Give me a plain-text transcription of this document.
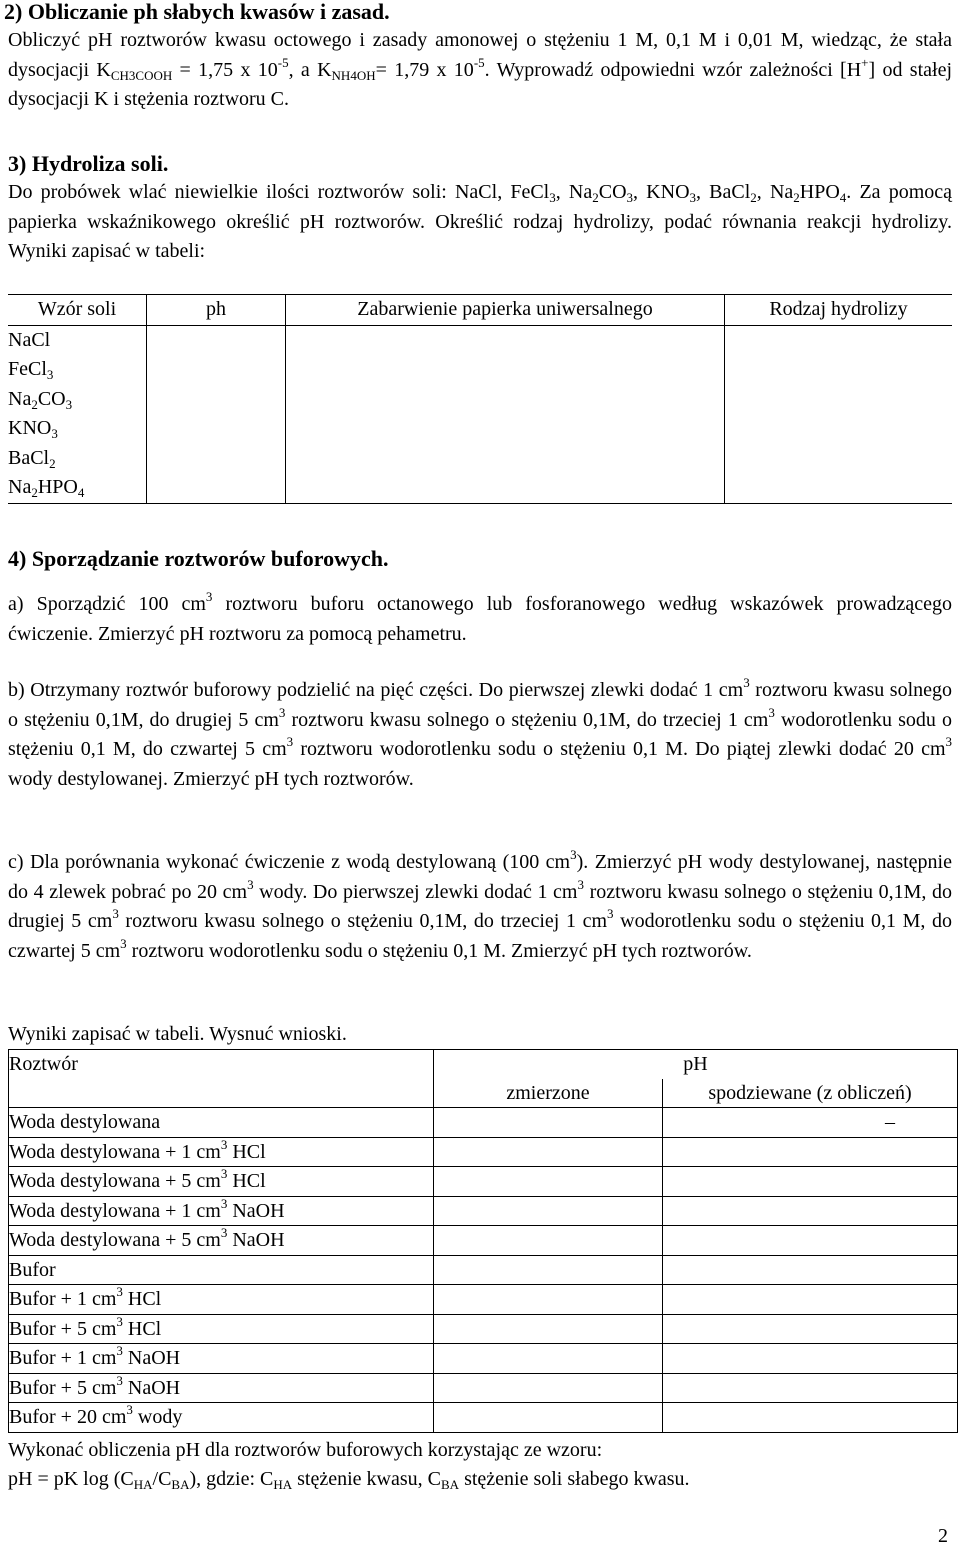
2) Obliczanie ph słabych kwasów i zasad.

Obliczyć pH roztworów kwasu octowego i zasady amonowej o stężeniu 1 M, 0,1 M i 0,01 M, wiedząc, że stała dysocjacji $K_{CH3COOH} = 1,75$ x $10^{-5}$, a $K_{NH4OH}= 1,79$ x $10^{-5}$. Wyprowadź odpowiedni wzór zależności [H+] od stałej dysocjacji K i stężenia roztworu C.

3) Hydroliza soli.

Do probówek wlać niewielkie ilości roztworów soli: NaCl, FeCl$_3$, $Na_2CO_3$, $KNO_3$, BaCl$_2$, $Na_2HPO_4$. Za pomocą papierka wskaźnikowego określić pH roztworów. Określić rodzaj hydrolizy, podać równania reakcji hydrolizy. Wyniki zapisać w tabeli:

Wzór soli	ph	Zabarwienie papierka uniwersalnego	Rodzaj hydrolizy
NaCl			
FeCl$_3$			
$Na_2CO_3$			
$KNO_3$			
BaCl$_2$			
$Na_2HPO_4$			
4) Sporządzanie roztworów buforowych.

a) Sporządzić 100 $cm^3$ roztworu buforu octanowego lub fosforanowego według wskazówek prowadzącego ćwiczenie. Zmierzyć pH roztworu za pomocą pehametru.

b) Otrzymany roztwór buforowy podzielić na pięć części. Do pierwszej zlewki dodać 1 $cm^3$ roztworu kwasu solnego o stężeniu 0,1M, do drugiej 5 $cm^3$ roztworu kwasu solnego o stężeniu 0,1M, do trzeciej 1 $cm^3$ wodorotlenku sodu o stężeniu 0,1 M, do czwartej 5 $cm^3$ roztworu wodorotlenku sodu o stężeniu 0,1 M. Do piątej zlewki dodać 20 $cm^3$ wody destylowanej. Zmierzyć pH tych roztworów.

c) Dla porównania wykonać ćwiczenie z wodą destylowaną (100 $cm^3$). Zmierzyć pH wody destylowanej, następnie do 4 zlewek pobrać po 20 $cm^3$ wody. Do pierwszej zlewki dodać 1 $cm^3$ roztworu kwasu solnego o stężeniu 0,1M, do drugiej 5 $cm^3$ roztworu kwasu solnego o stężeniu 0,1M, do trzeciej 1 $cm^3$ wodorotlenku sodu o stężeniu 0,1 M, do czwartej 5 $cm^3$ roztworu wodorotlenku sodu o stężeniu 0,1 M. Zmierzyć pH tych roztworów.

Wyniki zapisać w tabeli. Wysnuć wnioski.

Roztwór	pH	
	zmierzone	spodziewane (z obliczeń)
Woda destylowana		–
Woda destylowana + 1 $cm^3$ HCl		
Woda destylowana + 5 $cm^3$ HCl		
Woda destylowana + 1 $cm^3$ NaOH		
Woda destylowana + 5 $cm^3$ NaOH		
Bufor		
Bufor + 1 $cm^3$ HCl		
Bufor + 5 $cm^3$ HCl		
Bufor + 1 $cm^3$ NaOH		
Bufor + 5 $cm^3$ NaOH		
Bufor + 20 $cm^3$ wody		

Wykonać obliczenia pH dla roztworów buforowych korzystając ze wzoru:

pH = pK $\log (C_{HA}/C_{BA})$, gdzie: $C_{HA}$ stężenie kwasu, $C_{BA}$ stężenie soli słabego kwasu.

2
